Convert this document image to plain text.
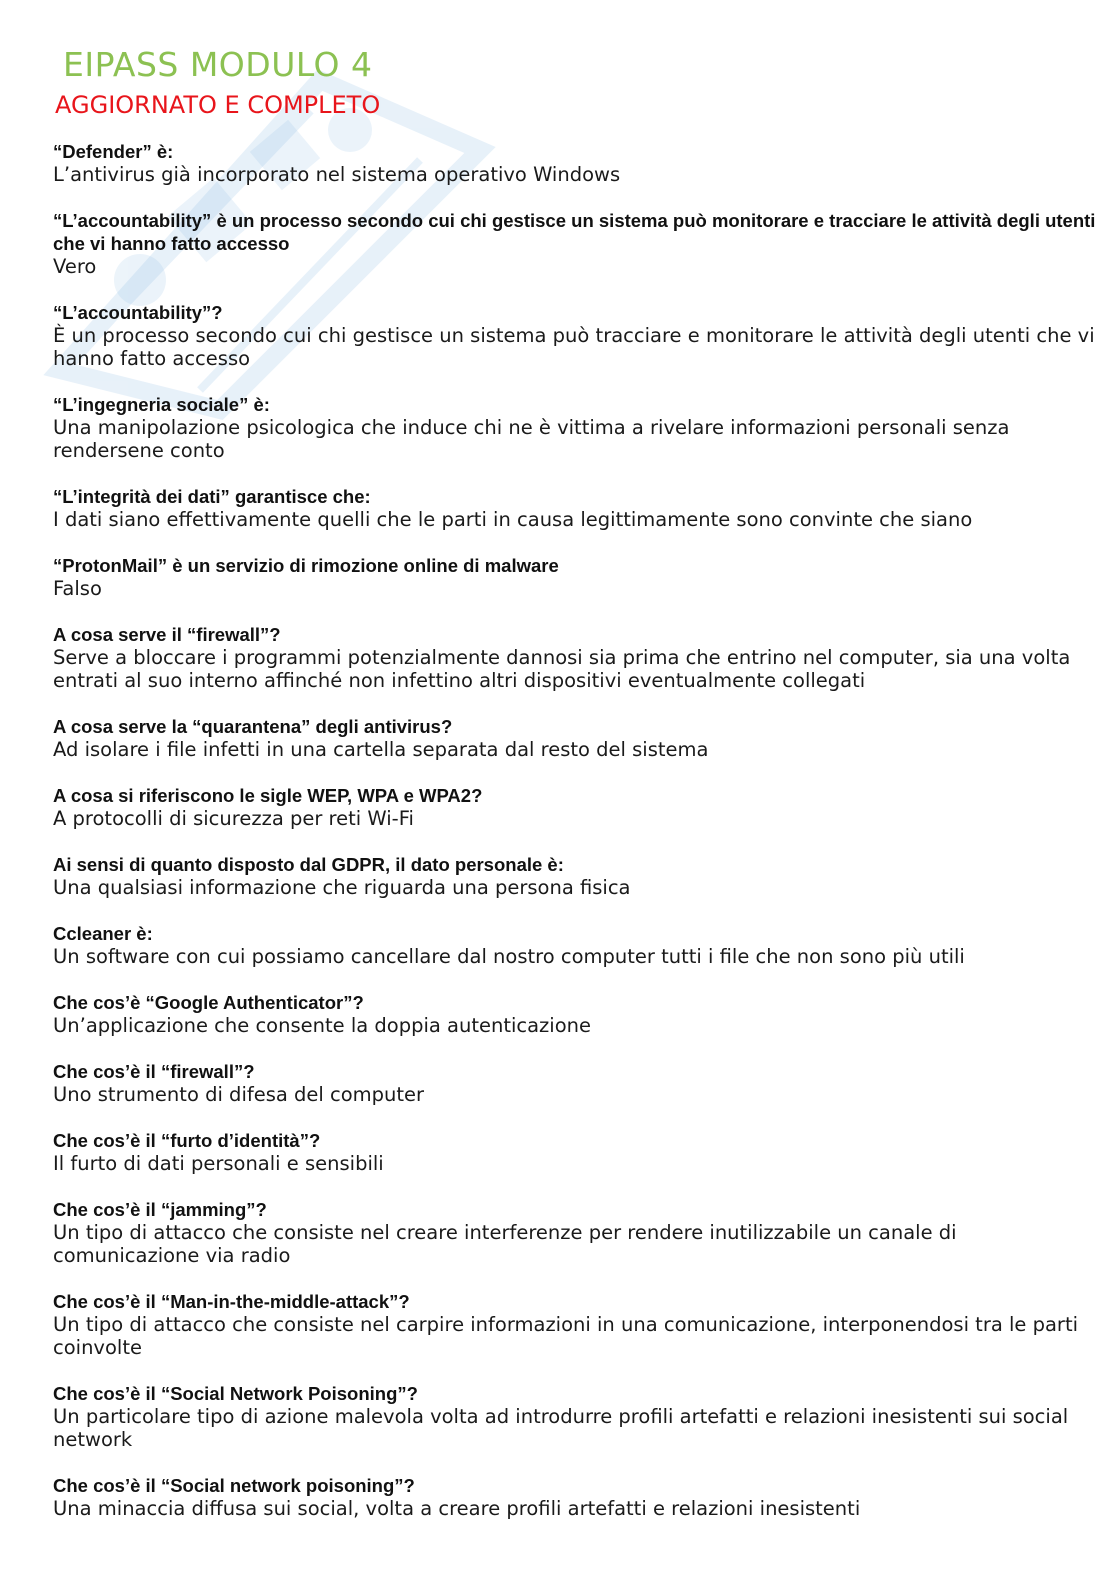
EIPASS MODULO 4
AGGIORNATO E COMPLETO
“Defender” è:
L’antivirus già incorporato nel sistema operativo Windows
“L’accountability” è un processo secondo cui chi gestisce un sistema può monitorare e tracciare le attività degli utenti che vi hanno fatto accesso
Vero
“L’accountability”?
È un processo secondo cui chi gestisce un sistema può tracciare e monitorare le attività degli utenti che vi hanno fatto accesso
“L’ingegneria sociale” è:
Una manipolazione psicologica che induce chi ne è vittima a rivelare informazioni personali senza rendersene conto
“L’integrità dei dati” garantisce che:
I dati siano effettivamente quelli che le parti in causa legittimamente sono convinte che siano
“ProtonMail” è un servizio di rimozione online di malware
Falso
A cosa serve il “firewall”?
Serve a bloccare i programmi potenzialmente dannosi sia prima che entrino nel computer, sia una volta entrati al suo interno affinché non infettino altri dispositivi eventualmente collegati
A cosa serve la “quarantena” degli antivirus?
Ad isolare i file infetti in una cartella separata dal resto del sistema
A cosa si riferiscono le sigle WEP, WPA e WPA2?
A protocolli di sicurezza per reti Wi-Fi
Ai sensi di quanto disposto dal GDPR, il dato personale è:
Una qualsiasi informazione che riguarda una persona fisica
Ccleaner è:
Un software con cui possiamo cancellare dal nostro computer tutti i file che non sono più utili
Che cos’è “Google Authenticator”?
Un’applicazione che consente la doppia autenticazione
Che cos’è il “firewall”?
Uno strumento di difesa del computer
Che cos’è il “furto d’identità”?
Il furto di dati personali e sensibili
Che cos’è il “jamming”?
Un tipo di attacco che consiste nel creare interferenze per rendere inutilizzabile un canale di comunicazione via radio
Che cos’è il “Man-in-the-middle-attack”?
Un tipo di attacco che consiste nel carpire informazioni in una comunicazione, interponendosi tra le parti coinvolte
Che cos’è il “Social Network Poisoning”?
Un particolare tipo di azione malevola volta ad introdurre profili artefatti e relazioni inesistenti sui social network
Che cos’è il “Social network poisoning”?
Una minaccia diffusa sui social, volta a creare profili artefatti e relazioni inesistenti
